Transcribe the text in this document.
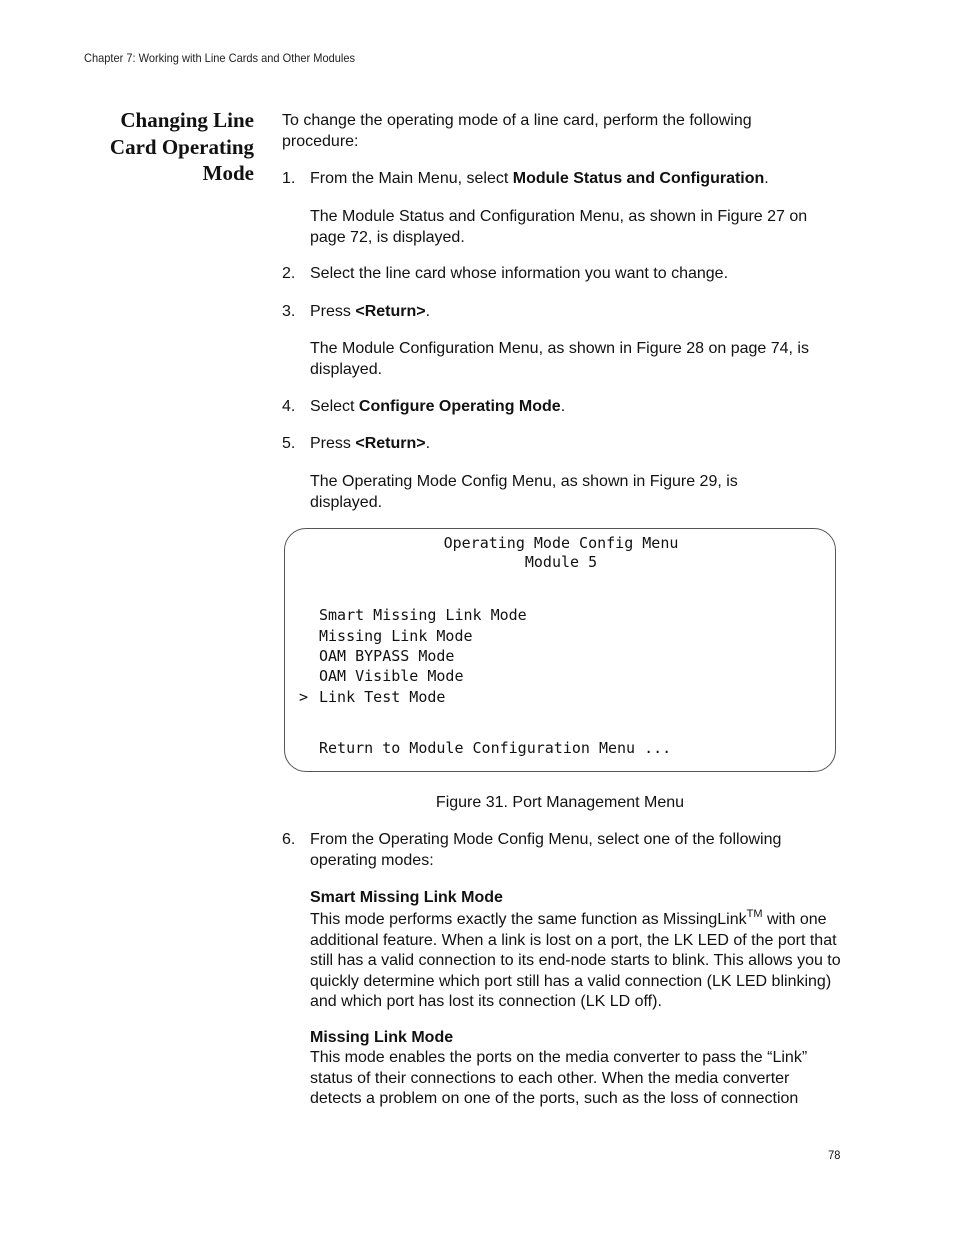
Chapter 7: Working with Line Cards and Other Modules
Changing Line
Card Operating
Mode
To change the operating mode of a line card, perform the following procedure:
1. From the Main Menu, select Module Status and Configuration.
The Module Status and Configuration Menu, as shown in Figure 27 on page 72, is displayed.
2. Select the line card whose information you want to change.
3. Press <Return>.
The Module Configuration Menu, as shown in Figure 28 on page 74, is displayed.
4. Select Configure Operating Mode.
5. Press <Return>.
The Operating Mode Config Menu, as shown in Figure 29, is displayed.
Operating Mode Config Menu
Module 5
Smart Missing Link Mode
Missing Link Mode
OAM BYPASS Mode
OAM Visible Mode
> Link Test Mode
Return to Module Configuration Menu ...
Figure 31. Port Management Menu
6. From the Operating Mode Config Menu, select one of the following operating modes:
Smart Missing Link Mode
This mode performs exactly the same function as MissingLink™ with one additional feature. When a link is lost on a port, the LK LED of the port that still has a valid connection to its end-node starts to blink. This allows you to quickly determine which port still has a valid connection (LK LED blinking) and which port has lost its connection (LK LD off).
Missing Link Mode
This mode enables the ports on the media converter to pass the “Link” status of their connections to each other. When the media converter detects a problem on one of the ports, such as the loss of connection
78
